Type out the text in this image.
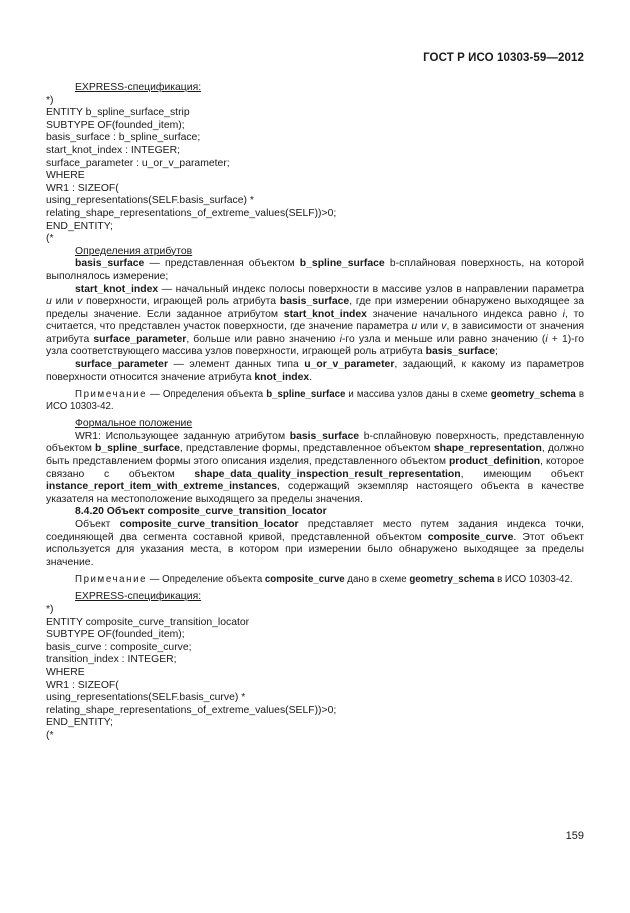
ГОСТ Р ИСО 10303-59—2012
EXPRESS-спецификация:
*)
ENTITY b_spline_surface_strip
SUBTYPE OF(founded_item);
basis_surface : b_spline_surface;
start_knot_index : INTEGER;
surface_parameter : u_or_v_parameter;
WHERE
WR1 : SIZEOF(
using_representations(SELF.basis_surface) *
relating_shape_representations_of_extreme_values(SELF))>0;
END_ENTITY;
(*
Определения атрибутов
basis_surface — представленная объектом b_spline_surface b-сплайновая поверхность, на которой выполнялось измерение;
start_knot_index — начальный индекс полосы поверхности в массиве узлов в направлении параметра u или v поверхности, играющей роль атрибута basis_surface, где при измерении обнаружено выходящее за пределы значение. Если заданное атрибутом start_knot_index значение начального индекса равно i, то считается, что представлен участок поверхности, где значение параметра u или v, в зависимости от значения атрибута surface_parameter, больше или равно значению i-го узла и меньше или равно значению (i + 1)-го узла соответствующего массива узлов поверхности, играющей роль атрибута basis_surface;
surface_parameter — элемент данных типа u_or_v_parameter, задающий, к какому из параметров поверхности относится значение атрибута knot_index.
Примечание — Определения объекта b_spline_surface и массива узлов даны в схеме geometry_schema в ИСО 10303-42.
Формальное положение
WR1: Использующее заданную атрибутом basis_surface b-сплайновую поверхность, представленную объектом b_spline_surface, представление формы, представленное объектом shape_representation, должно быть представлением формы этого описания изделия, представленного объектом product_definition, которое связано с объектом shape_data_quality_inspection_result_representation, имеющим объект instance_report_item_with_extreme_instances, содержащий экземпляр настоящего объекта в качестве указателя на местоположение выходящего за пределы значения.
8.4.20 Объект composite_curve_transition_locator
Объект composite_curve_transition_locator представляет место путем задания индекса точки, соединяющей два сегмента составной кривой, представленной объектом composite_curve. Этот объект используется для указания места, в котором при измерении было обнаружено выходящее за пределы значение.
Примечание — Определение объекта composite_curve дано в схеме geometry_schema в ИСО 10303-42.
EXPRESS-спецификация:
*)
ENTITY composite_curve_transition_locator
SUBTYPE OF(founded_item);
basis_curve : composite_curve;
transition_index : INTEGER;
WHERE
WR1 : SIZEOF(
using_representations(SELF.basis_curve) *
relating_shape_representations_of_extreme_values(SELF))>0;
END_ENTITY;
(*
159
